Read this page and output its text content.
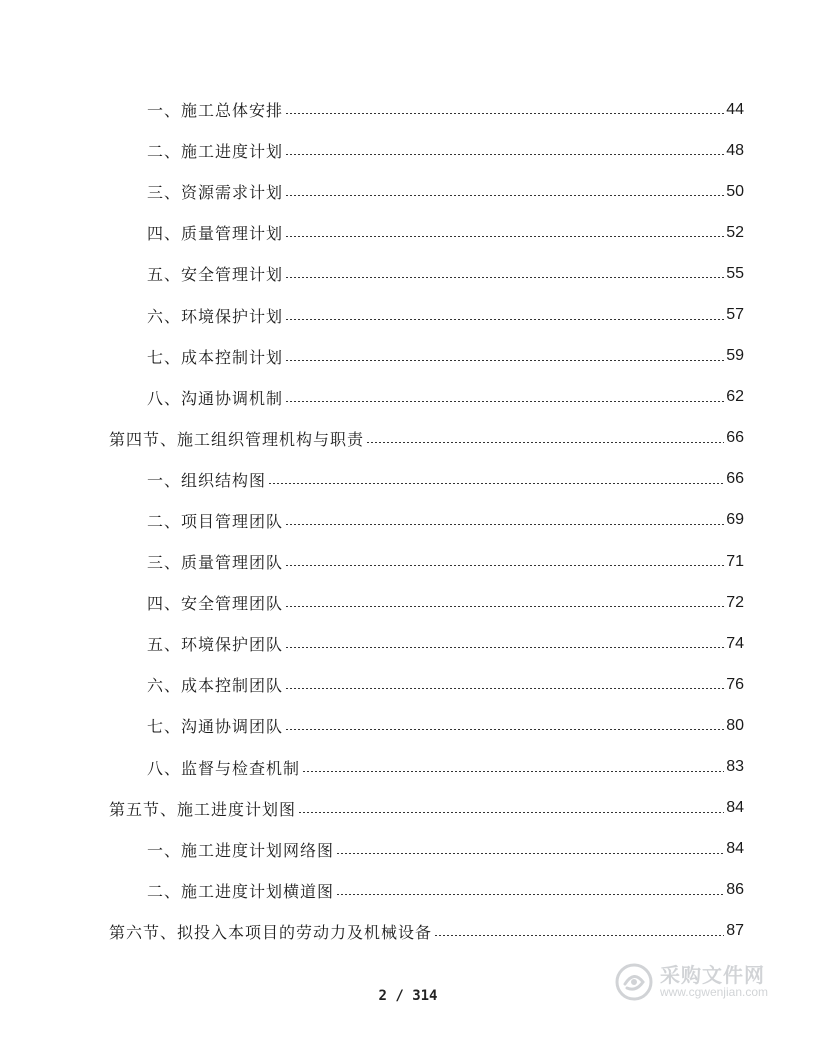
一、施工总体安排	44
二、施工进度计划	48
三、资源需求计划	50
四、质量管理计划	52
五、安全管理计划	55
六、环境保护计划	57
七、成本控制计划	59
八、沟通协调机制	62
第四节、施工组织管理机构与职责	66
一、组织结构图	66
二、项目管理团队	69
三、质量管理团队	71
四、安全管理团队	72
五、环境保护团队	74
六、成本控制团队	76
七、沟通协调团队	80
八、监督与检查机制	83
第五节、施工进度计划图	84
一、施工进度计划网络图	84
二、施工进度计划横道图	86
第六节、拟投入本项目的劳动力及机械设备	87
2 / 314
采购文件网
www.cgwenjian.com
